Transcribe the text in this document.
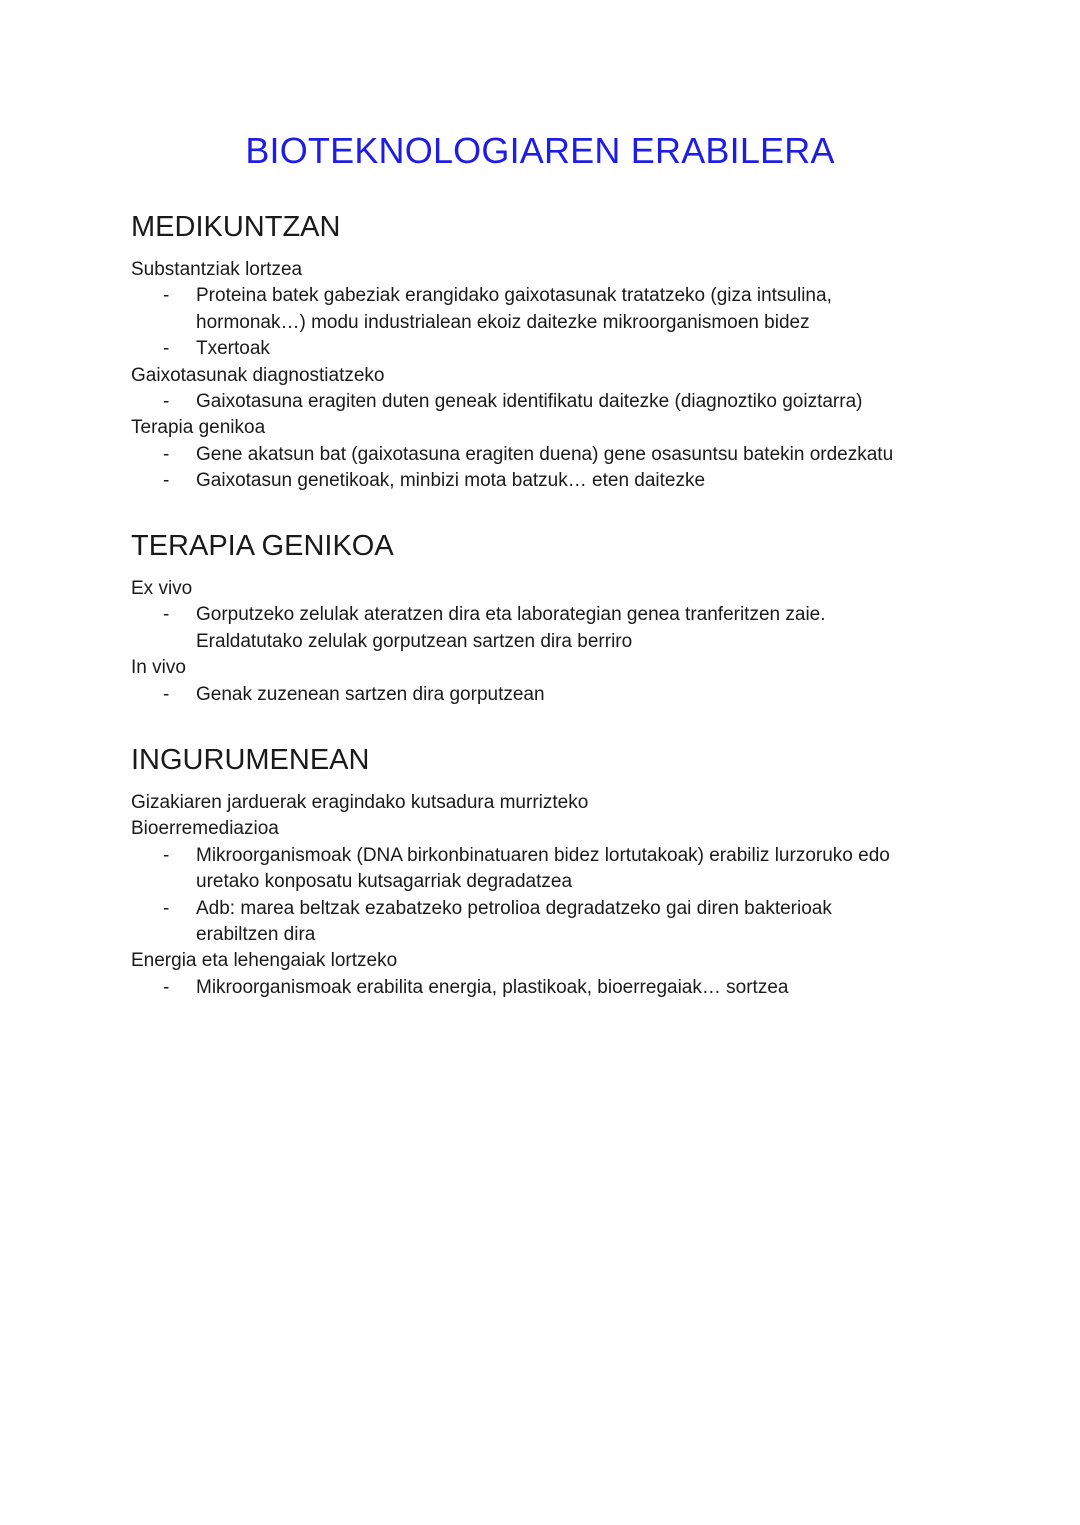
BIOTEKNOLOGIAREN ERABILERA
MEDIKUNTZAN

Substantziak lortzea

- Proteina batek gabeziak erangidako gaixotasunak tratatzeko (giza intsulina,
hormonak…) modu industrialean ekoiz daitezke mikroorganismoen bidez
- Txertoak

Gaixotasunak diagnostiatzeko

- Gaixotasuna eragiten duten geneak identifikatu daitezke (diagnoztiko goiztarra)

Terapia genikoa

- Gene akatsun bat (gaixotasuna eragiten duena) gene osasuntsu batekin ordezkatu
- Gaixotasun genetikoak, minbizi mota batzuk… eten daitezke
TERAPIA GENIKOA

Ex vivo

- Gorputzeko zelulak ateratzen dira eta laborategian genea tranferitzen zaie.
Eraldatutako zelulak gorputzean sartzen dira berriro

In vivo

- Genak zuzenean sartzen dira gorputzean
INGURUMENEAN

Gizakiaren jarduerak eragindako kutsadura murrizteko

Bioerremediazioa

- Mikroorganismoak (DNA birkonbinatuaren bidez lortutakoak) erabiliz lurzoruko edo
uretako konposatu kutsagarriak degradatzea
- Adb: marea beltzak ezabatzeko petrolioa degradatzeko gai diren bakterioak
erabiltzen dira

Energia eta lehengaiak lortzeko

- Mikroorganismoak erabilita energia, plastikoak, bioerregaiak… sortzea
